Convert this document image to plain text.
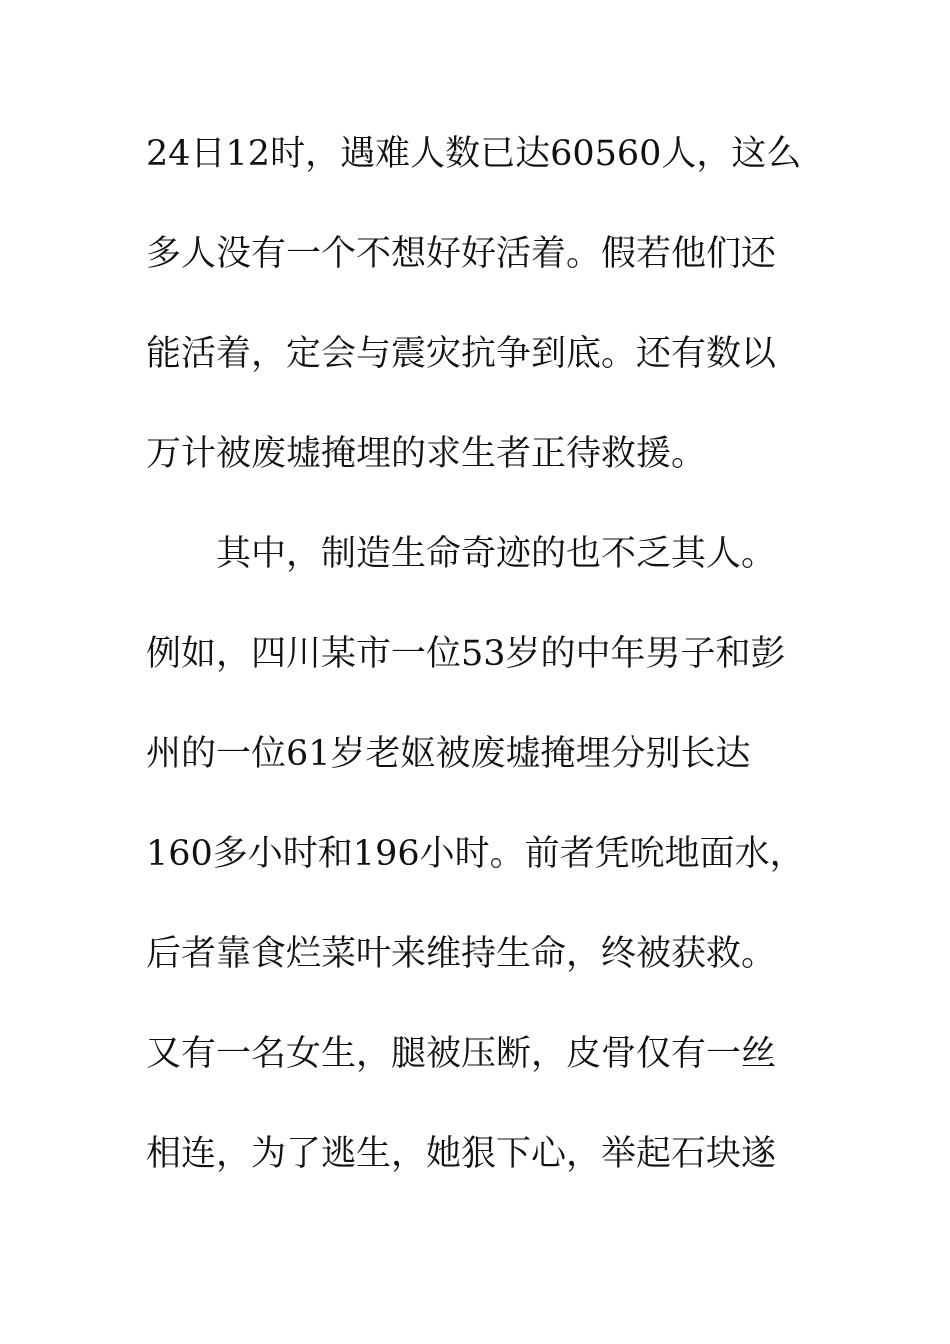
24日12时，遇难人数已达60560人，这么
多人没有一个不想好好活着。假若他们还
能活着，定会与震灾抗争到底。还有数以
万计被废墟掩埋的求生者正待救援。
其中，制造生命奇迹的也不乏其人。
例如，四川某市一位53岁的中年男子和彭
州的一位61岁老妪被废墟掩埋分别长达
160多小时和196小时。前者凭吮地面水，
后者靠食烂菜叶来维持生命，终被获救。
又有一名女生，腿被压断，皮骨仅有一丝
相连，为了逃生，她狠下心，举起石块遂
